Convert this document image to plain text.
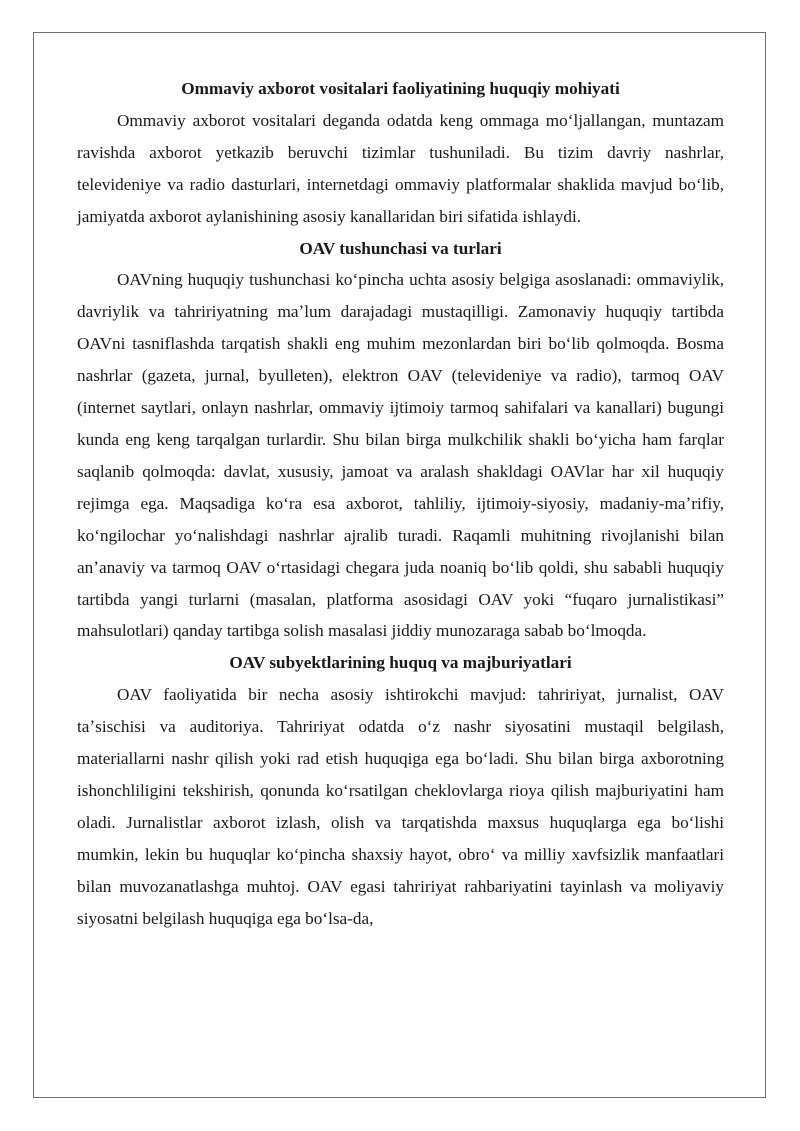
Ommaviy axborot vositalari faoliyatining huquqiy mohiyati

Ommaviy axborot vositalari deganda odatda keng ommaga moʻljallangan, muntazam ravishda axborot yetkazib beruvchi tizimlar tushuniladi. Bu tizim davriy nashrlar, televideniye va radio dasturlari, internetdagi ommaviy platformalar shaklida mavjud boʻlib, jamiyatda axborot aylanishining asosiy kanallaridan biri sifatida ishlaydi.

OAV tushunchasi va turlari

OAVning huquqiy tushunchasi koʻpincha uchta asosiy belgiga asoslanadi: ommaviylik, davriylik va tahririyatning maʼlum darajadagi mustaqilligi. Zamonaviy huquqiy tartibda OAVni tasniflashda tarqatish shakli eng muhim mezonlardan biri boʻlib qolmoqda. Bosma nashrlar (gazeta, jurnal, byulleten), elektron OAV (televideniye va radio), tarmoq OAV (internet saytlari, onlayn nashrlar, ommaviy ijtimoiy tarmoq sahifalari va kanallari) bugungi kunda eng keng tarqalgan turlardir. Shu bilan birga mulkchilik shakli boʻyicha ham farqlar saqlanib qolmoqda: davlat, xususiy, jamoat va aralash shakldagi OAVlar har xil huquqiy rejimga ega. Maqsadiga koʻra esa axborot, tahliliy, ijtimoiy-siyosiy, madaniy-maʼrifiy, koʻngilochar yoʻnalishdagi nashrlar ajralib turadi. Raqamli muhitning rivojlanishi bilan anʼanaviy va tarmoq OAV oʻrtasidagi chegara juda noaniq boʻlib qoldi, shu sababli huquqiy tartibda yangi turlarni (masalan, platforma asosidagi OAV yoki “fuqaro jurnalistikasi” mahsulotlari) qanday tartibga solish masalasi jiddiy munozaraga sabab boʻlmoqda.

OAV subyektlarining huquq va majburiyatlari

OAV faoliyatida bir necha asosiy ishtirokchi mavjud: tahririyat, jurnalist, OAV taʼsischisi va auditoriya. Tahririyat odatda oʻz nashr siyosatini mustaqil belgilash, materiallarni nashr qilish yoki rad etish huquqiga ega boʻladi. Shu bilan birga axborotning ishonchliligini tekshirish, qonunda koʻrsatilgan cheklovlarga rioya qilish majburiyatini ham oladi. Jurnalistlar axborot izlash, olish va tarqatishda maxsus huquqlarga ega boʻlishi mumkin, lekin bu huquqlar koʻpincha shaxsiy hayot, obroʻ va milliy xavfsizlik manfaatlari bilan muvozanatlashga muhtoj. OAV egasi tahririyat rahbariyatini tayinlash va moliyaviy siyosatni belgilash huquqiga ega boʻlsa-da,
